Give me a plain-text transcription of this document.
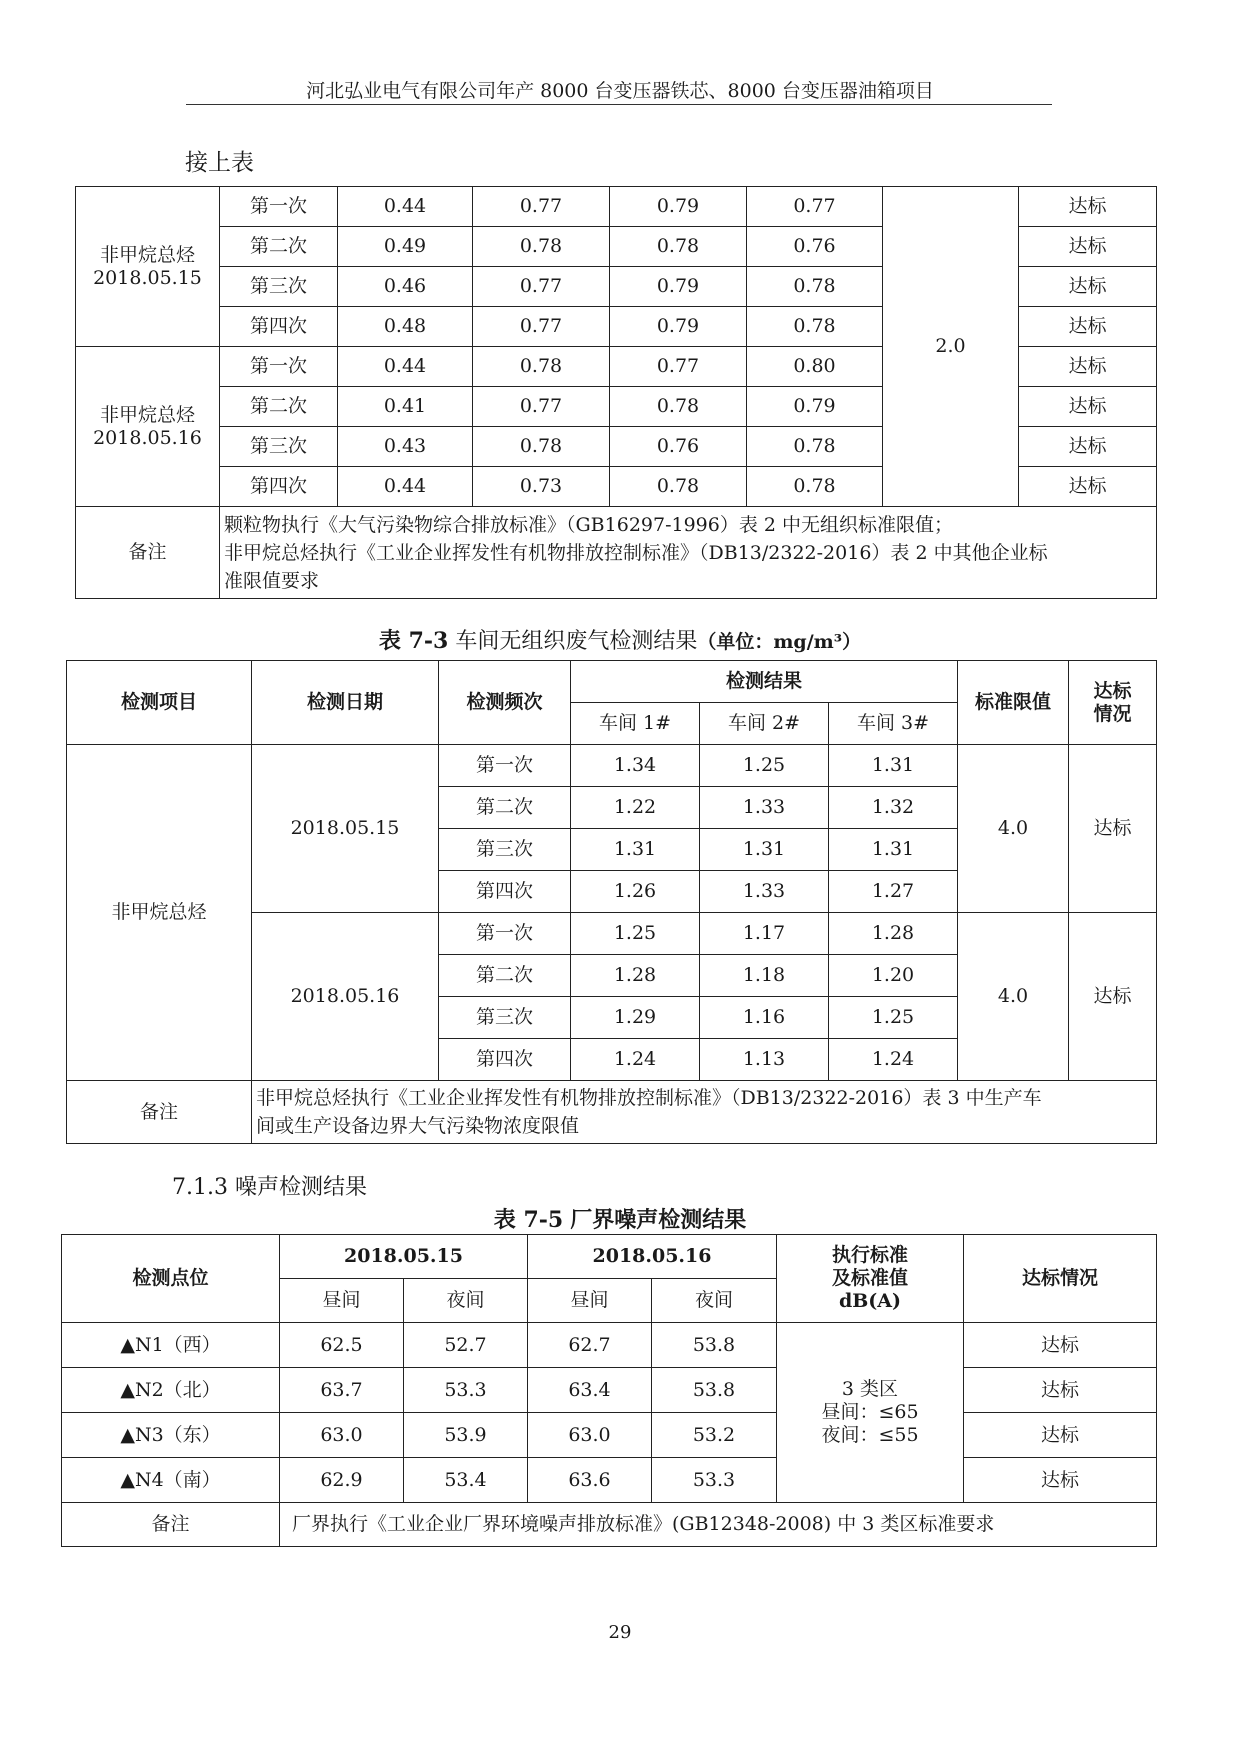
河北弘业电气有限公司年产 8000 台变压器铁芯、8000 台变压器油箱项目
接上表
非甲烷总烃
2018.05.15	第一次	0.44	0.77	0.79	0.77	2.0	达标
	第二次	0.49	0.78	0.78	0.76		达标
	第三次	0.46	0.77	0.79	0.78		达标
	第四次	0.48	0.77	0.79	0.78		达标

非甲烷总烃
2018.05.16	第一次	0.44	0.78	0.77	0.80		达标
	第二次	0.41	0.77	0.78	0.79		达标
	第三次	0.43	0.78	0.76	0.78		达标
	第四次	0.44	0.73	0.78	0.78		达标
备注	颗粒物执行《大气污染物综合排放标准》（GB16297-1996）表 2 中无组织标准限值；
非甲烷总烃执行《工业企业挥发性有机物排放控制标准》（DB13/2322-2016）表 2 中其他企业标
准限值要求						
表 7-3 车间无组织废气检测结果（单位：mg/m³）
检测项目	检测日期	检测频次	检测结果			标准限值	达标
情况

			车间 1#	车间 2#	车间 3#		
非甲烷总烃	2018.05.15	第一次	1.34	1.25	1.31	4.0	达标
		第二次	1.22	1.33	1.32		
		第三次	1.31	1.31	1.31		
		第四次	1.26	1.33	1.27		
	2018.05.16	第一次	1.25	1.17	1.28	4.0	达标
		第二次	1.28	1.18	1.20		
		第三次	1.29	1.16	1.25		
		第四次	1.24	1.13	1.24		
备注	非甲烷总烃执行《工业企业挥发性有机物排放控制标准》（DB13/2322-2016）表 3 中生产车
间或生产设备边界大气污染物浓度限值						
7.1.3 噪声检测结果
表 7-5 厂界噪声检测结果
检测点位	2018.05.15		2018.05.16		执行标准
及标准值
dB(A)	达标情况
	昼间	夜间	昼间	夜间		
▲N1（西）	62.5	52.7	62.7	53.8	3 类区
昼间：≤65
夜间：≤55	达标
▲N2（北）	63.7	53.3	63.4	53.8		达标
▲N3（东）	63.0	53.9	63.0	53.2		达标
▲N4（南）	62.9	53.4	63.6	53.3		达标
备注	厂界执行《工业企业厂界环境噪声排放标准》(GB12348-2008) 中 3 类区标准要求					
29
